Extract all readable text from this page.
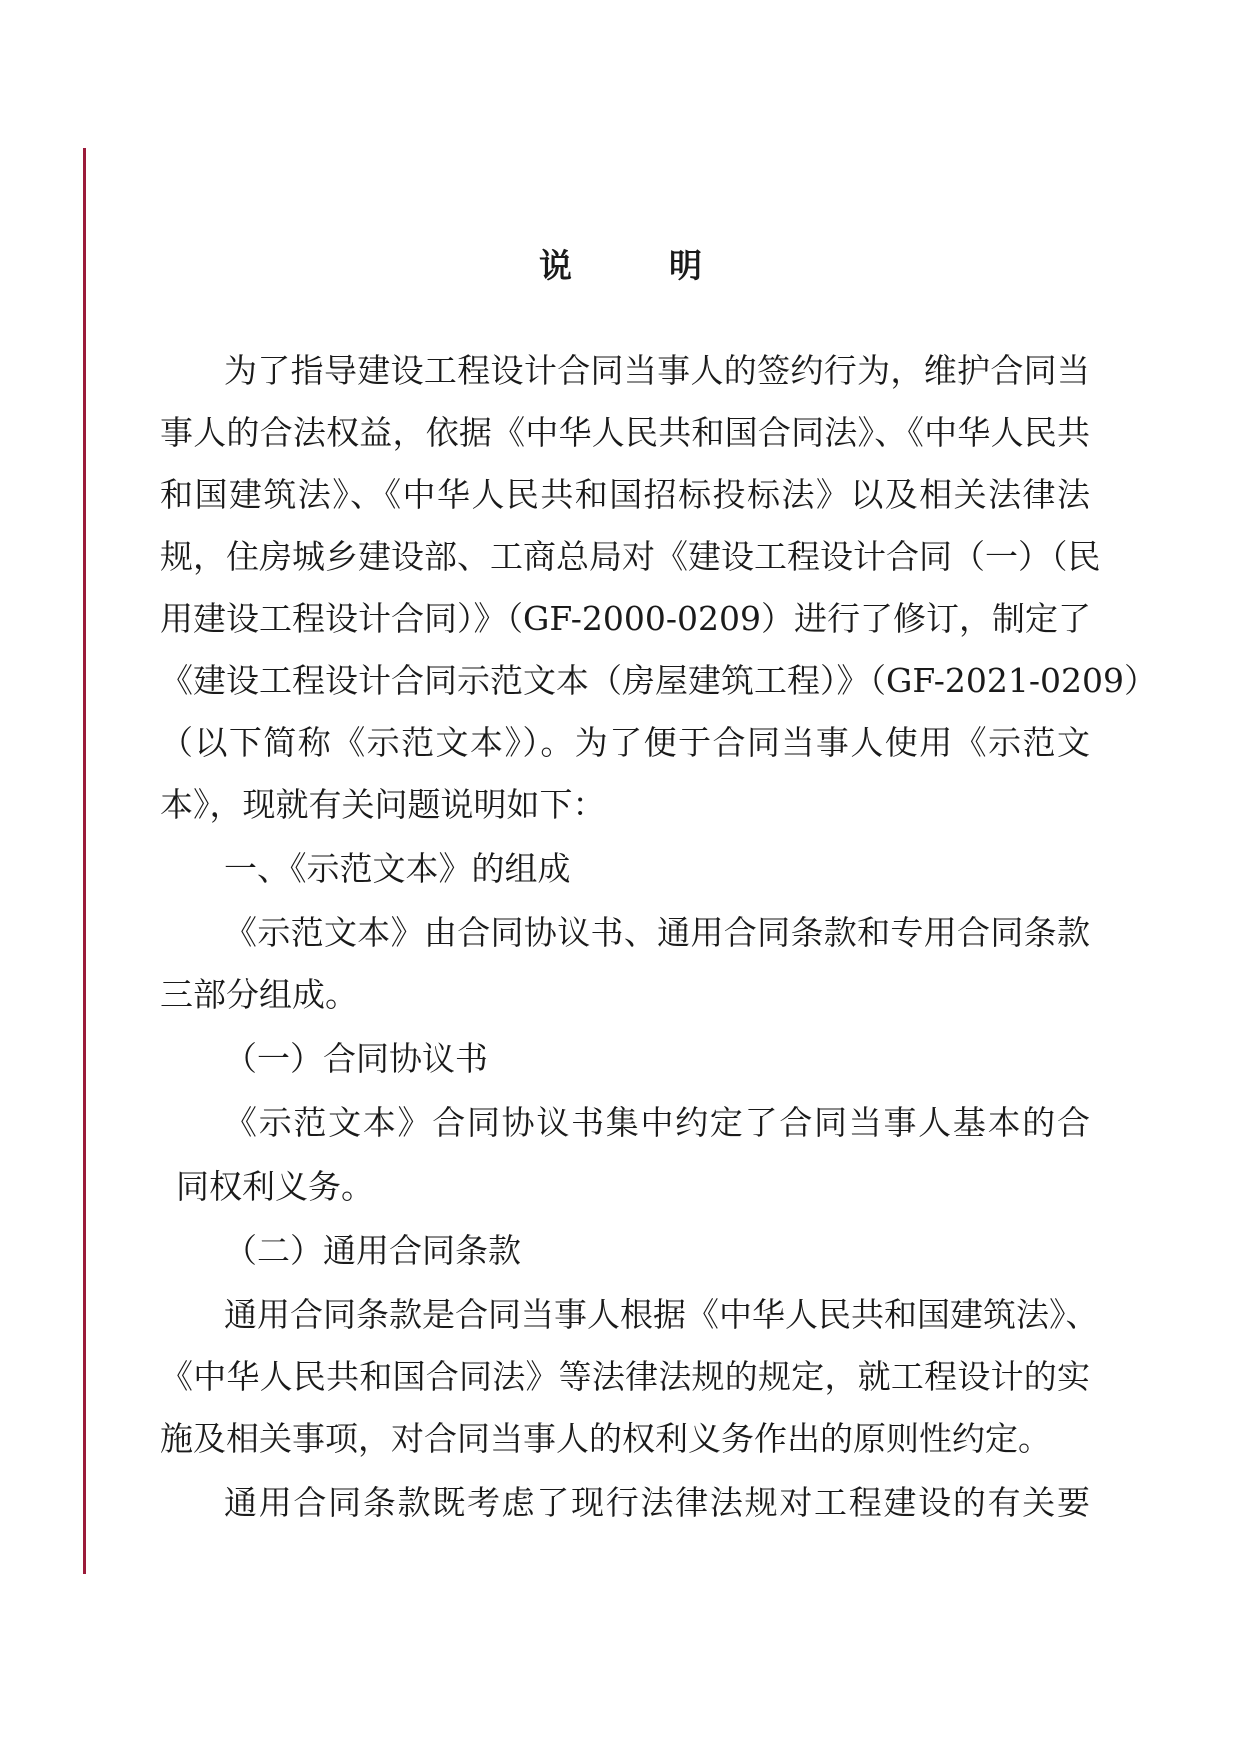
说　明
为了指导建设工程设计合同当事人的签约行为，维护合同当
事人的合法权益，依据《中华人民共和国合同法》、《中华人民共
和国建筑法》、《中华人民共和国招标投标法》以及相关法律法
规，住房城乡建设部、工商总局对《建设工程设计合同（一）（民
用建设工程设计合同）》（GF-2000-0209）进行了修订，制定了
《建设工程设计合同示范文本（房屋建筑工程）》（GF-2021-0209）
（以下简称《示范文本》）。为了便于合同当事人使用《示范文
本》，现就有关问题说明如下：
一、《示范文本》的组成
《示范文本》由合同协议书、通用合同条款和专用合同条款
三部分组成。
（一）合同协议书
《示范文本》合同协议书集中约定了合同当事人基本的合
同权利义务。
（二）通用合同条款
通用合同条款是合同当事人根据《中华人民共和国建筑法》、
《中华人民共和国合同法》等法律法规的规定，就工程设计的实
施及相关事项，对合同当事人的权利义务作出的原则性约定。
通用合同条款既考虑了现行法律法规对工程建设的有关要
